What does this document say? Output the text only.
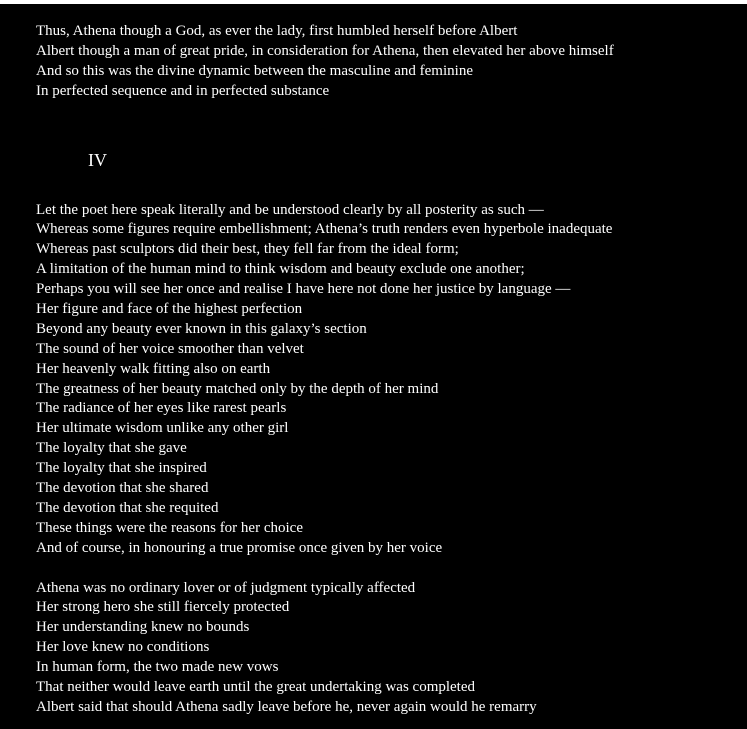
Thus, Athena though a God, as ever the lady, first humbled herself before Albert
Albert though a man of great pride, in consideration for Athena, then elevated her above himself
And so this was the divine dynamic between the masculine and feminine
In perfected sequence and in perfected substance
IV
Let the poet here speak literally and be understood clearly by all posterity as such —
Whereas some figures require embellishment; Athena’s truth renders even hyperbole inadequate
Whereas past sculptors did their best, they fell far from the ideal form;
A limitation of the human mind to think wisdom and beauty exclude one another;
Perhaps you will see her once and realise I have here not done her justice by language —
Her figure and face of the highest perfection
Beyond any beauty ever known in this galaxy’s section
The sound of her voice smoother than velvet
Her heavenly walk fitting also on earth
The greatness of her beauty matched only by the depth of her mind
The radiance of her eyes like rarest pearls
Her ultimate wisdom unlike any other girl
The loyalty that she gave
The loyalty that she inspired
The devotion that she shared
The devotion that she requited
These things were the reasons for her choice
And of course, in honouring a true promise once given by her voice
Athena was no ordinary lover or of judgment typically affected
Her strong hero she still fiercely protected
Her understanding knew no bounds
Her love knew no conditions
In human form, the two made new vows
That neither would leave earth until the great undertaking was completed
Albert said that should Athena sadly leave before he, never again would he remarry
